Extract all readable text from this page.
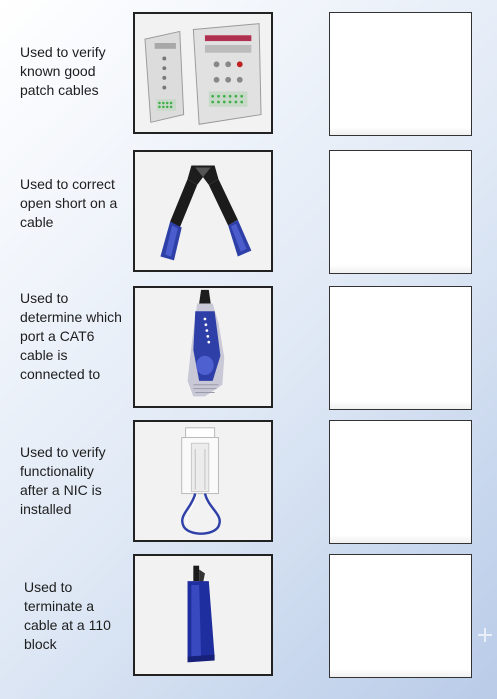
Used to verify known good patch cables
Used to correct open short on a cable
Used to determine which port a CAT6 cable is connected to
Used to verify functionality after a NIC is installed
Used to terminate a cable at a 110 block
